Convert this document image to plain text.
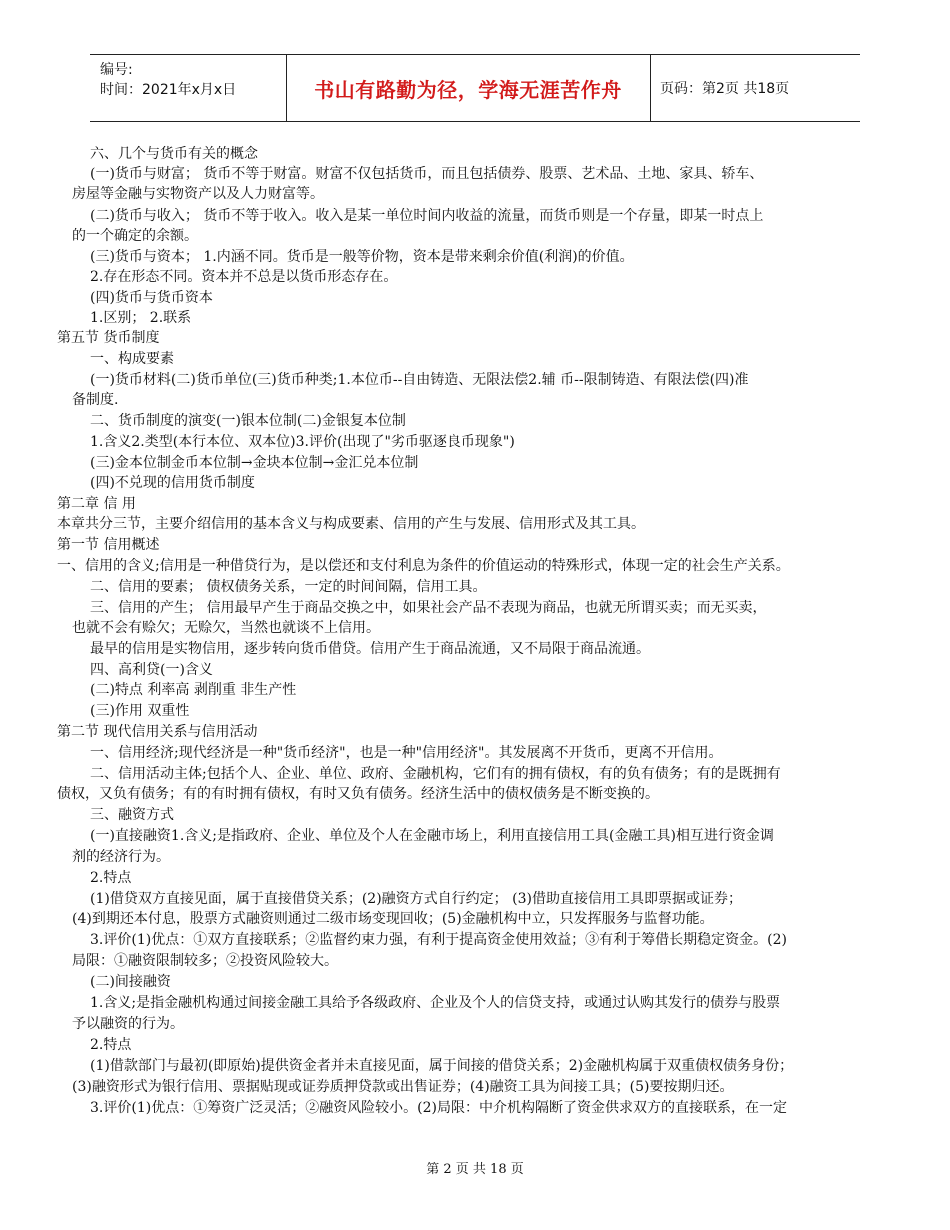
编号:
时间：2021年x月x日	书山有路勤为径，学海无涯苦作舟	页码：第2页 共18页
六、几个与货币有关的概念
(一)货币与财富； 货币不等于财富。财富不仅包括货币，而且包括债券、股票、艺术品、土地、家具、轿车、
房屋等金融与实物资产以及人力财富等。
(二)货币与收入； 货币不等于收入。收入是某一单位时间内收益的流量，而货币则是一个存量，即某一时点上
的一个确定的余额。
(三)货币与资本； 1.内涵不同。货币是一般等价物，资本是带来剩余价值(利润)的价值。
2.存在形态不同。资本并不总是以货币形态存在。
(四)货币与货币资本
1.区别； 2.联系
第五节 货币制度
一、构成要素
(一)货币材料(二)货币单位(三)货币种类;1.本位币--自由铸造、无限法偿2.辅 币--限制铸造、有限法偿(四)准
备制度.
二、货币制度的演变(一)银本位制(二)金银复本位制
1.含义2.类型(本行本位、双本位)3.评价(出现了"劣币驱逐良币现象")
(三)金本位制金币本位制→金块本位制→金汇兑本位制
(四)不兑现的信用货币制度
第二章 信 用
本章共分三节，主要介绍信用的基本含义与构成要素、信用的产生与发展、信用形式及其工具。
第一节 信用概述
一、信用的含义;信用是一种借贷行为，是以偿还和支付利息为条件的价值运动的特殊形式，体现一定的社会生产关系。
二、信用的要素； 债权债务关系，一定的时间间隔，信用工具。
三、信用的产生； 信用最早产生于商品交换之中，如果社会产品不表现为商品，也就无所谓买卖；而无买卖，
也就不会有赊欠；无赊欠，当然也就谈不上信用。
最早的信用是实物信用，逐步转向货币借贷。信用产生于商品流通，又不局限于商品流通。
四、高利贷(一)含义
(二)特点 利率高 剥削重 非生产性
(三)作用 双重性
第二节 现代信用关系与信用活动
一、信用经济;现代经济是一种"货币经济"，也是一种"信用经济"。其发展离不开货币，更离不开信用。
二、信用活动主体;包括个人、企业、单位、政府、金融机构，它们有的拥有债权，有的负有债务；有的是既拥有
债权，又负有债务；有的有时拥有债权，有时又负有债务。经济生活中的债权债务是不断变换的。
三、融资方式
(一)直接融资1.含义;是指政府、企业、单位及个人在金融市场上，利用直接信用工具(金融工具)相互进行资金调
剂的经济行为。
2.特点
(1)借贷双方直接见面，属于直接借贷关系；(2)融资方式自行约定； (3)借助直接信用工具即票据或证券；
(4)到期还本付息，股票方式融资则通过二级市场变现回收；(5)金融机构中立，只发挥服务与监督功能。
3.评价(1)优点：①双方直接联系；②监督约束力强，有利于提高资金使用效益；③有利于筹借长期稳定资金。(2)
局限：①融资限制较多；②投资风险较大。
(二)间接融资
1.含义;是指金融机构通过间接金融工具给予各级政府、企业及个人的信贷支持，或通过认购其发行的债券与股票
予以融资的行为。
2.特点
(1)借款部门与最初(即原始)提供资金者并未直接见面，属于间接的借贷关系；2)金融机构属于双重债权债务身份；
(3)融资形式为银行信用、票据贴现或证券质押贷款或出售证券；(4)融资工具为间接工具；(5)要按期归还。
3.评价(1)优点：①筹资广泛灵活；②融资风险较小。(2)局限：中介机构隔断了资金供求双方的直接联系，在一定
第 2 页 共 18 页
